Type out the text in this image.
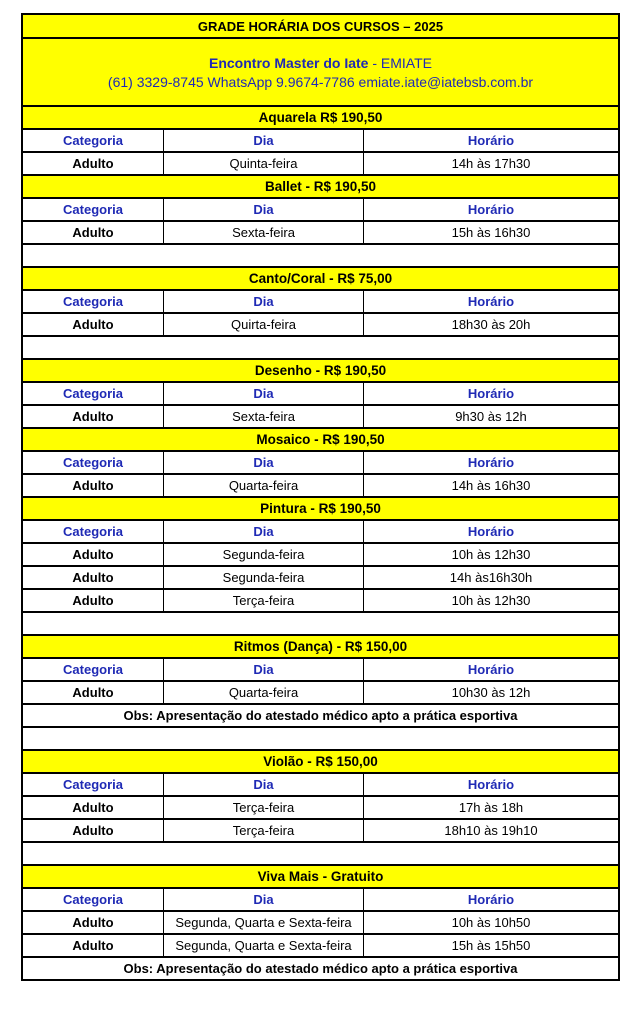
GRADE HORÁRIA DOS CURSOS – 2025
Encontro Master do Iate - EMIATE
(61) 3329-8745 WhatsApp 9.9674-7786 emiate.iate@iatebsb.com.br
Aquarela R$ 190,50
Categoria	Dia	Horário
Adulto	Quinta-feira	14h às 17h30
Ballet - R$ 190,50
Categoria	Dia	Horário
Adulto	Sexta-feira	15h às 16h30
Canto/Coral - R$ 75,00
Categoria	Dia	Horário
Adulto	Quirta-feira	18h30 às 20h
Desenho - R$ 190,50
Categoria	Dia	Horário
Adulto	Sexta-feira	9h30 às 12h
Mosaico - R$ 190,50
Categoria	Dia	Horário
Adulto	Quarta-feira	14h às 16h30
Pintura - R$ 190,50
Categoria	Dia	Horário
Adulto	Segunda-feira	10h às 12h30
Adulto	Segunda-feira	14h às16h30h
Adulto	Terça-feira	10h às 12h30
Ritmos (Dança) - R$ 150,00
Categoria	Dia	Horário
Adulto	Quarta-feira	10h30 às 12h
Obs: Apresentação do atestado médico apto a prática esportiva
Violão - R$ 150,00
Categoria	Dia	Horário
Adulto	Terça-feira	17h às 18h
Adulto	Terça-feira	18h10 às 19h10
Viva Mais - Gratuito
Categoria	Dia	Horário
Adulto	Segunda, Quarta e Sexta-feira	10h às 10h50
Adulto	Segunda, Quarta e Sexta-feira	15h às 15h50
Obs: Apresentação do atestado médico apto a prática esportiva
